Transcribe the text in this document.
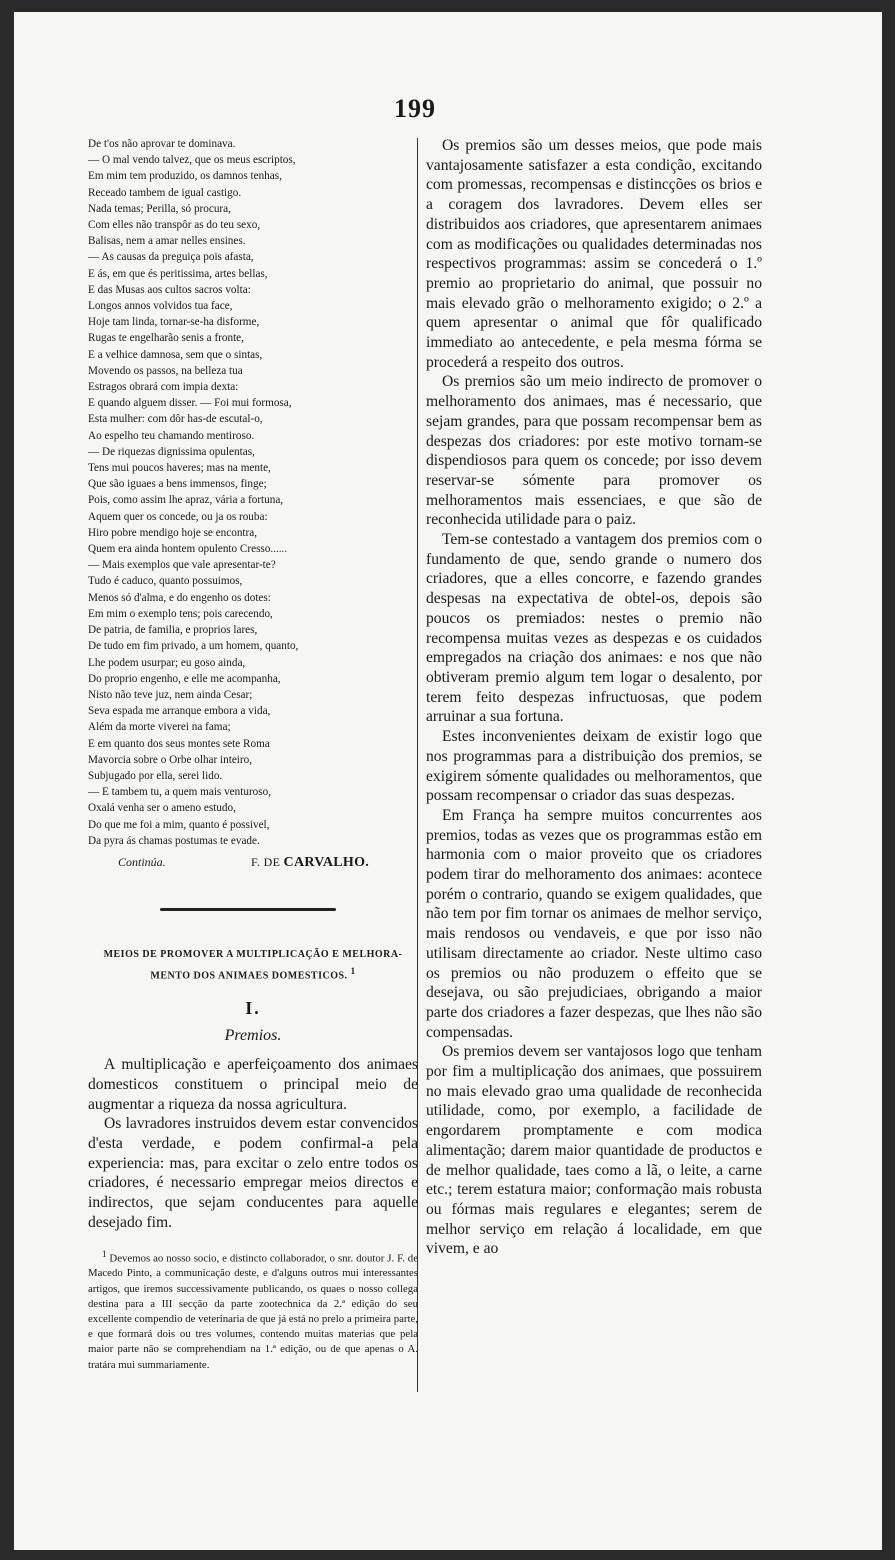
199
De t'os não aprovar te dominava.
— O mal vendo talvez, que os meus escriptos,
Em mim tem produzido, os damnos tenhas,
Receado tambem de igual castigo.
Nada temas; Perilla, só procura,
Com elles não transpôr as do teu sexo,
Balisas, nem a amar nelles ensines.
— As causas da preguiça pois afasta,
E ás, em que és peritissima, artes bellas,
E das Musas aos cultos sacros volta:
Longos annos volvidos tua face,
Hoje tam linda, tornar-se-ha disforme,
Rugas te engelharão senis a fronte,
E a velhice damnosa, sem que o sintas,
Movendo os passos, na belleza tua
Estragos obrará com impia dexta:
E quando alguem disser. — Foi mui formosa,
Esta mulher: com dôr has-de escutal-o,
Ao espelho teu chamando mentiroso.
— De riquezas dignissima opulentas,
Tens mui poucos haveres; mas na mente,
Que são iguaes a bens immensos, finge;
Pois, como assim lhe apraz, vária a fortuna,
Aquem quer os concede, ou ja os rouba:
Hiro pobre mendigo hoje se encontra,
Quem era ainda hontem opulento Cresso......
— Mais exemplos que vale apresentar-te?
Tudo é caduco, quanto possuimos,
Menos só d'alma, e do engenho os dotes:
Em mim o exemplo tens; pois carecendo,
De patria, de familia, e proprios lares,
De tudo em fim privado, a um homem, quanto,
Lhe podem usurpar; eu goso ainda,
Do proprio engenho, e elle me acompanha,
Nisto não teve juz, nem ainda Cesar;
Seva espada me arranque embora a vida,
Além da morte viverei na fama;
E em quanto dos seus montes sete Roma
Mavorcia sobre o Orbe olhar inteiro,
Subjugado por ella, serei lido.
— E tambem tu, a quem mais venturoso,
Oxalá venha ser o ameno estudo,
Do que me foi a mim, quanto é possivel,
Da pyra ás chamas postumas te evade.
Continúa.	F. DE CARVALHO.
MEIOS DE PROMOVER A MULTIPLICAÇÃO E MELHORA-
MENTO DOS ANIMAES DOMESTICOS. 1
I.
Premios.

A multiplicação e aperfeiçoamento dos animaes domesticos constituem o principal meio de augmentar a riqueza da nossa agricultura.

Os lavradores instruidos devem estar convencidos d'esta verdade, e podem confirmal-a pela experiencia: mas, para excitar o zelo entre todos os criadores, é necessario empregar meios directos e indirectos, que sejam conducentes para aquelle desejado fim.

$^1$ Devemos ao nosso socio, e distincto collaborador, o snr. doutor J. F. de Macedo Pinto, a communicação deste, e d'alguns outros mui interessantes artigos, que iremos successivamente publicando, os quaes o nosso collega destina para a III secção da parte zootechnica da 2.ª edição do seu excellente compendio de veterinaria de que já está no prelo a primeira parte, e que formará dois ou tres volumes, contendo muitas materias que pela maior parte não se comprehendiam na 1.ª edição, ou de que apenas o A. tratára mui summariamente.

Os premios são um desses meios, que pode mais vantajosamente satisfazer a esta condição, excitando com promessas, recompensas e distincções os brios e a coragem dos lavradores. Devem elles ser distribuidos aos criadores, que apresentarem animaes com as modificações ou qualidades determinadas nos respectivos programmas: assim se concederá o 1.º premio ao proprietario do animal, que possuir no mais elevado grão o melhoramento exigido; o 2.º a quem apresentar o animal que fôr qualificado immediato ao antecedente, e pela mesma fórma se procederá a respeito dos outros.

Os premios são um meio indirecto de promover o melhoramento dos animaes, mas é necessario, que sejam grandes, para que possam recompensar bem as despezas dos criadores: por este motivo tornam-se dispendiosos para quem os concede; por isso devem reservar-se sómente para promover os melhoramentos mais essenciaes, e que são de reconhecida utilidade para o paiz.

Tem-se contestado a vantagem dos premios com o fundamento de que, sendo grande o numero dos criadores, que a elles concorre, e fazendo grandes despesas na expectativa de obtel-os, depois são poucos os premiados: nestes o premio não recompensa muitas vezes as despezas e os cuidados empregados na criação dos animaes: e nos que não obtiveram premio algum tem logar o desalento, por terem feito despezas infructuosas, que podem arruinar a sua fortuna.

Estes inconvenientes deixam de existir logo que nos programmas para a distribuição dos premios, se exigirem sómente qualidades ou melhoramentos, que possam recompensar o criador das suas despezas.

Em França ha sempre muitos concurrentes aos premios, todas as vezes que os programmas estão em harmonia com o maior proveito que os criadores podem tirar do melhoramento dos animaes: acontece porém o contrario, quando se exigem qualidades, que não tem por fim tornar os animaes de melhor serviço, mais rendosos ou vendaveis, e que por isso não utilisam directamente ao criador. Neste ultimo caso os premios ou não produzem o effeito que se desejava, ou são prejudiciaes, obrigando a maior parte dos criadores a fazer despezas, que lhes não são compensadas.

Os premios devem ser vantajosos logo que tenham por fim a multiplicação dos animaes, que possuirem no mais elevado grao uma qualidade de reconhecida utilidade, como, por exemplo, a facilidade de engordarem promptamente e com modica alimentação; darem maior quantidade de productos e de melhor qualidade, taes como a lã, o leite, a carne etc.; terem estatura maior; conformação mais robusta ou fórmas mais regulares e elegantes; serem de melhor serviço em relação á localidade, em que vivem, e ao
